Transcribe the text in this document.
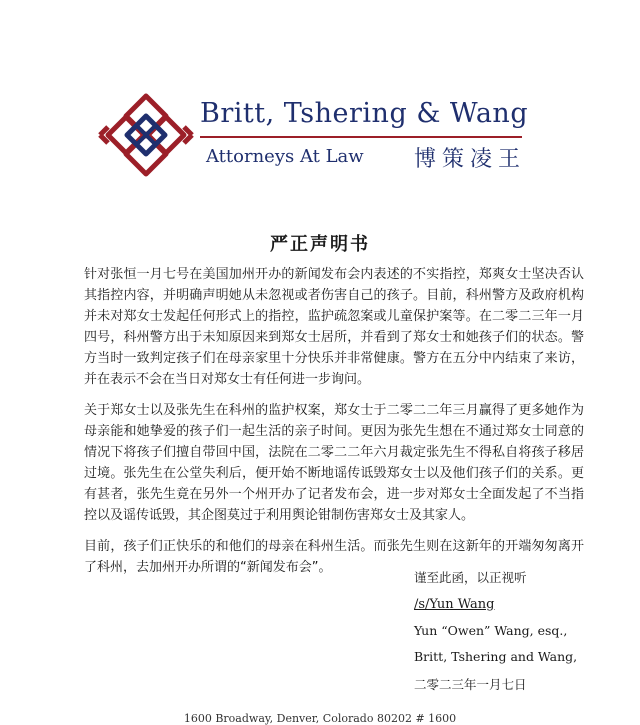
Britt, Tshering & Wang
Attorneys At Law 博策凌王
严正声明书

针对张恒一月七号在美国加州开办的新闻发布会内表述的不实指控，郑爽女士坚决否认其指控内容，并明确声明她从未忽视或者伤害自己的孩子。目前，科州警方及政府机构并未对郑女士发起任何形式上的指控，监护疏忽案或儿童保护案等。在二零二三年一月四号，科州警方出于未知原因来到郑女士居所，并看到了郑女士和她孩子们的状态。警方当时一致判定孩子们在母亲家里十分快乐并非常健康。警方在五分中内结束了来访，并在表示不会在当日对郑女士有任何进一步询问。

关于郑女士以及张先生在科州的监护权案，郑女士于二零二二年三月赢得了更多她作为母亲能和她挚爱的孩子们一起生活的亲子时间。更因为张先生想在不通过郑女士同意的情况下将孩子们擅自带回中国，法院在二零二二年六月裁定张先生不得私自将孩子移居过境。张先生在公堂失利后，便开始不断地谣传诋毁郑女士以及他们孩子们的关系。更有甚者，张先生竟在另外一个州开办了记者发布会，进一步对郑女士全面发起了不当指控以及谣传诋毁，其企图莫过于利用舆论钳制伤害郑女士及其家人。

目前，孩子们正快乐的和他们的母亲在科州生活。而张先生则在这新年的开端匆匆离开了科州，去加州开办所谓的“新闻发布会”。

谨至此函，以正视听
/s/Yun Wang
Yun “Owen” Wang, esq.,
Britt, Tshering and Wang,
二零二三年一月七日
1600 Broadway, Denver, Colorado 80202 # 1600
